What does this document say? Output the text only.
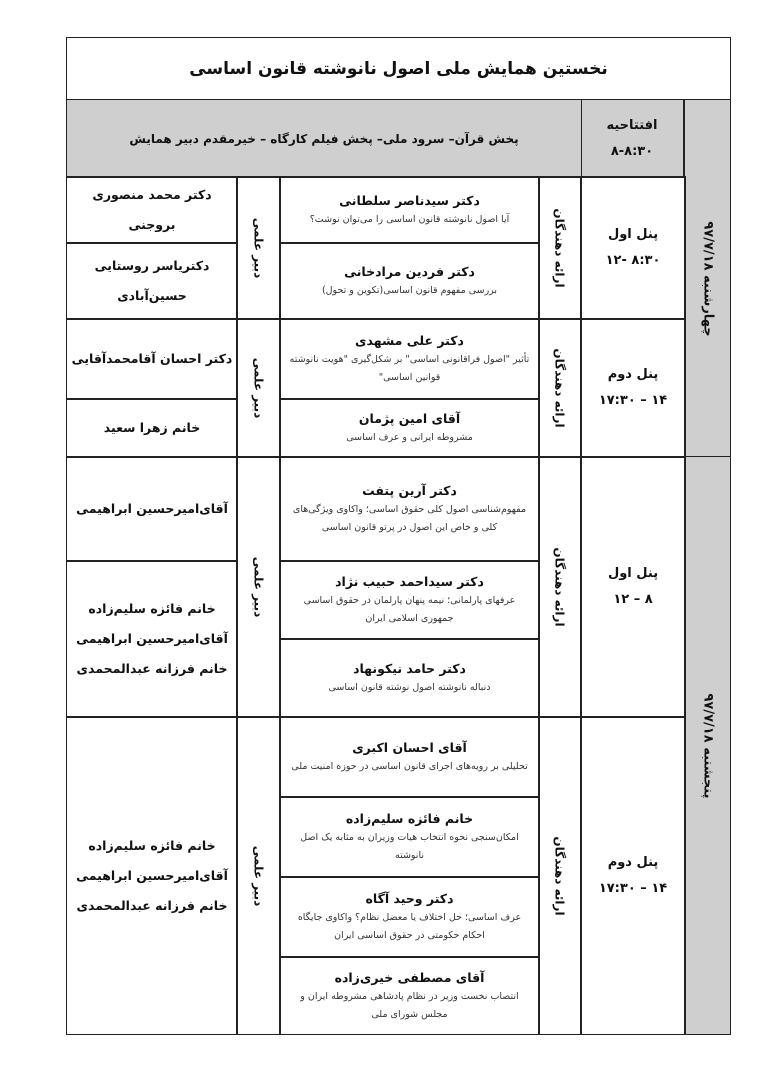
نخستین همایش ملی اصول نانوشته قانون اساسی
افتتاحیه
۸-۸:۳۰
پخش قرآن– سرود ملی– پخش فیلم کارگاه – خیرمقدم دبیر همایش
چهارشنبه ۹۷/۷/۱۸
پنل اول
۸:۳۰ -۱۲
ارائه دهندگان
دکتر سیدناصر سلطانی
آیا اصول نانوشته قانون اساسی را می‌توان نوشت؟
دکتر فردین مرادخانی
بررسی مفهوم قانون اساسی(تکوین و تحول)
دبیر علمی
دکتر محمد منصوری بروجنی
دکتریاسر روستایی حسین‌آبادی
پنل دوم
۱۴ – ۱۷:۳۰
ارائه دهندگان
دکتر علی مشهدی
تأثیر "اصول فراقانونی اساسی" بر شکل‌گیری "هویت نانوشته قوانین اساسی"
آقای امین پژمان
مشروطه ایرانی و عرف اساسی
دبیر علمی
دکتر احسان آقامحمدآقایی
خانم زهرا سعید
پنجشنبه ۹۷/۷/۱۸
پنل اول
۸ – ۱۲
ارائه دهندگان
دکتر آرین پتفت
مفهوم‌شناسی اصول کلی حقوق اساسی؛ واکاوی ویژگی‌های کلی و خاص این اصول در پرتو قانون اساسی
دکتر سیداحمد حبیب نژاد
عرفهای پارلمانی؛ نیمه پنهان پارلمان در حقوق اساسی جمهوری اسلامی ایران
دکتر حامد نیکونهاد
دنباله نانوشته اصول نوشته قانون اساسی
دبیر علمی
آقای‌امیرحسین ابراهیمی
خانم فائزه سلیم‌زاده آقای‌امیرحسین ابراهیمی خانم فرزانه عبدالمحمدی
پنل دوم
۱۴ – ۱۷:۳۰
ارائه دهندگان
آقای احسان اکبری
تحلیلی بر رویه‌های اجرای قانون اساسی در حوزه امنیت ملی
خانم فائزه سلیم‌زاده
امکان‌سنجی نحوه انتخاب هیات وزیران به مثابه یک اصل نانوشته
دکتر وحید آگاه
عرف اساسی؛ حل اختلاف یا معضل نظام؟ واکاوی جایگاه احکام حکومتی در حقوق اساسی ایران
آقای مصطفی خیری‌زاده
انتصاب نخست وزیر در نظام پادشاهی مشروطه ایران و مجلس شورای ملی
دبیر علمی
خانم فائزه سلیم‌زاده آقای‌امیرحسین ابراهیمی خانم فرزانه عبدالمحمدی
